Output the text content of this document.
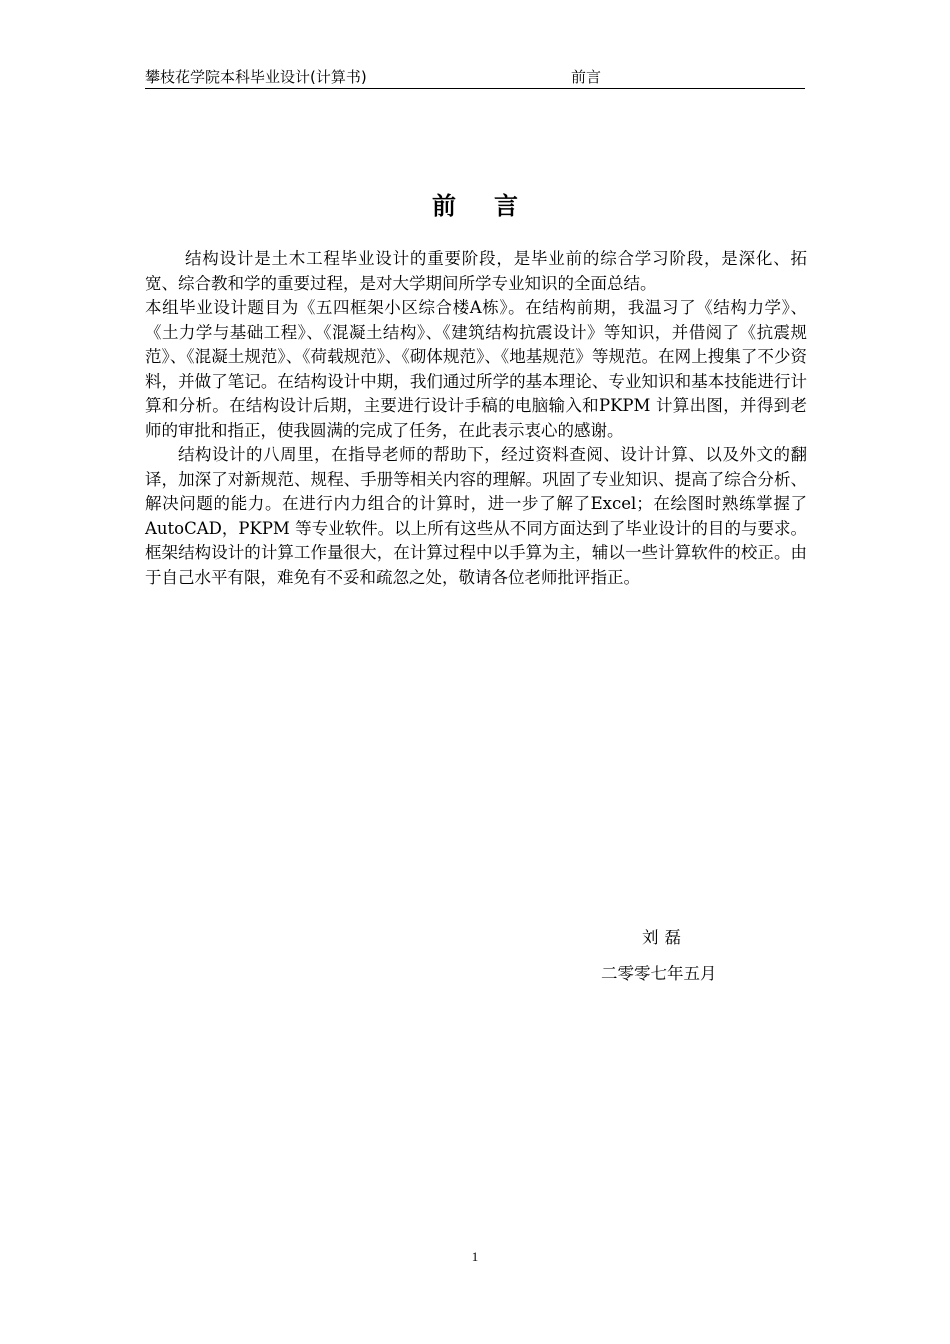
攀枝花学院本科毕业设计(计算书)	前言
前言

结构设计是土木工程毕业设计的重要阶段，是毕业前的综合学习阶段，是深化、拓宽、综合教和学的重要过程，是对大学期间所学专业知识的全面总结。

本组毕业设计题目为《五四框架小区综合楼A栋》。在结构前期，我温习了《结构力学》、《土力学与基础工程》、《混凝土结构》、《建筑结构抗震设计》等知识，并借阅了《抗震规范》、《混凝土规范》、《荷载规范》、《砌体规范》、《地基规范》等规范。在网上搜集了不少资料，并做了笔记。在结构设计中期，我们通过所学的基本理论、专业知识和基本技能进行计算和分析。在结构设计后期，主要进行设计手稿的电脑输入和PKPM 计算出图，并得到老师的审批和指正，使我圆满的完成了任务，在此表示衷心的感谢。

结构设计的八周里，在指导老师的帮助下，经过资料查阅、设计计算、以及外文的翻译，加深了对新规范、规程、手册等相关内容的理解。巩固了专业知识、提高了综合分析、解决问题的能力。在进行内力组合的计算时，进一步了解了Excel；在绘图时熟练掌握了AutoCAD，PKPM 等专业软件。以上所有这些从不同方面达到了毕业设计的目的与要求。框架结构设计的计算工作量很大，在计算过程中以手算为主，辅以一些计算软件的校正。由于自己水平有限，难免有不妥和疏忽之处，敬请各位老师批评指正。

刘磊
二零零七年五月
1
